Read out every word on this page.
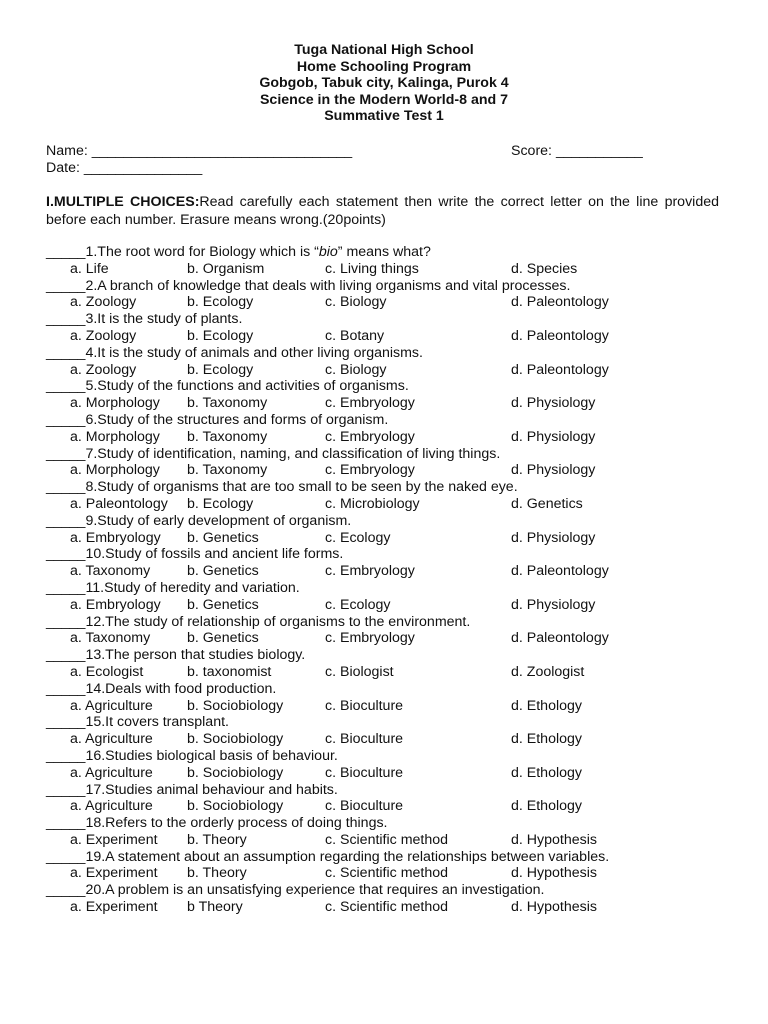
Tuga National High School
Home Schooling Program
Gobgob, Tabuk city, Kalinga, Purok 4
Science in the Modern World-8 and 7
Summative Test 1
Name: _________________________________	Score: ___________
Date: _______________
I.MULTIPLE CHOICES:Read carefully each statement then write the correct letter on the line provided before each number. Erasure means wrong.(20points)
_____1.The root word for Biology which is “bio” means what?
a. Life	b. Organism	c. Living things	d. Species
_____2.A branch of knowledge that deals with living organisms and vital processes.
a. Zoology	b. Ecology	c. Biology	d. Paleontology
_____3.It is the study of plants.
a. Zoology	b. Ecology	c. Botany	d. Paleontology
_____4.It is the study of animals and other living organisms.
a. Zoology	b. Ecology	c. Biology	d. Paleontology
_____5.Study of the functions and activities of organisms.
a. Morphology b. Taxonomy	c. Embryology	d. Physiology
_____6.Study of the structures and forms of organism.
a. Morphology b. Taxonomy	c. Embryology	d. Physiology
_____7.Study of identification, naming, and classification of living things.
a. Morphology b. Taxonomy	c. Embryology	d. Physiology
_____8.Study of organisms that are too small to be seen by the naked eye.
a. Paleontology b. Ecology	c. Microbiology	d. Genetics
_____9.Study of early development of organism.
a. Embryology b. Genetics	c. Ecology	d. Physiology
_____10.Study of fossils and ancient life forms.
a. Taxonomy	b. Genetics	c. Embryology	d. Paleontology
_____11.Study of heredity and variation.
a. Embryology b. Genetics	c. Ecology	d. Physiology
_____12.The study of relationship of organisms to the environment.
a. Taxonomy	b. Genetics	c. Embryology	d. Paleontology
_____13.The person that studies biology.
a. Ecologist	b. taxonomist	c. Biologist	d. Zoologist
_____14.Deals with food production.
a. Agriculture b. Sociobiology	c. Bioculture	d. Ethology
_____15.It covers transplant.
a. Agriculture b. Sociobiology	c. Bioculture	d. Ethology
_____16.Studies biological basis of behaviour.
a. Agriculture b. Sociobiology	c. Bioculture	d. Ethology
_____17.Studies animal behaviour and habits.
a. Agriculture b. Sociobiology	c. Bioculture	d. Ethology
_____18.Refers to the orderly process of doing things.
a. Experiment b. Theory	c. Scientific method	d. Hypothesis
_____19.A statement about an assumption regarding the relationships between variables.
a. Experiment b. Theory	c. Scientific method	d. Hypothesis
_____20.A problem is an unsatisfying experience that requires an investigation.
a. Experiment b Theory	c. Scientific method	d. Hypothesis
